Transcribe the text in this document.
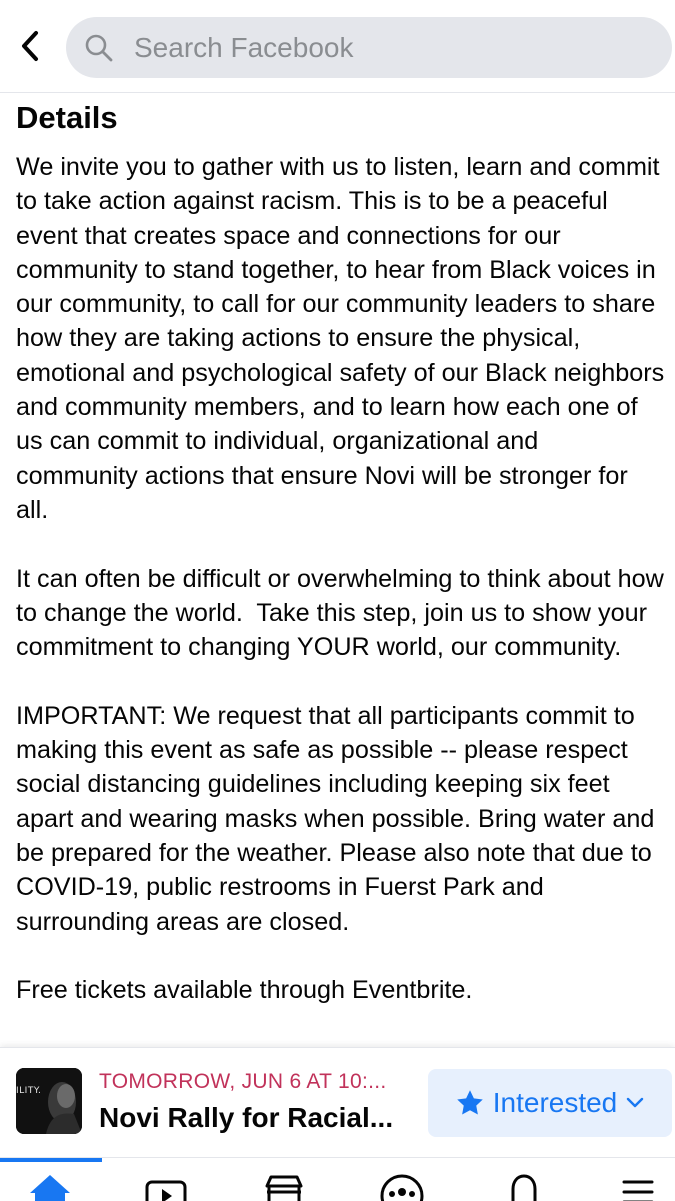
Search Facebook
Details

We invite you to gather with us to listen, learn and commit to take action against racism. This is to be a peaceful event that creates space and connections for our community to stand together, to hear from Black voices in our community, to call for our community leaders to share how they are taking actions to ensure the physical, emotional and psychological safety of our Black neighbors and community members, and to learn how each one of us can commit to individual, organizational and community actions that ensure Novi will be stronger for all.

It can often be difficult or overwhelming to think about how to change the world.  Take this step, join us to show your commitment to changing YOUR world, our community.

IMPORTANT: We request that all participants commit to making this event as safe as possible -- please respect social distancing guidelines including keeping six feet apart and wearing masks when possible. Bring water and be prepared for the weather. Please also note that due to COVID-19, public restrooms in Fuerst Park and surrounding areas are closed.

Free tickets available through Eventbrite.

ILITY.	TOMORROW, JUN 6 AT 10:...
Novi Rally for Racial...	Interested
